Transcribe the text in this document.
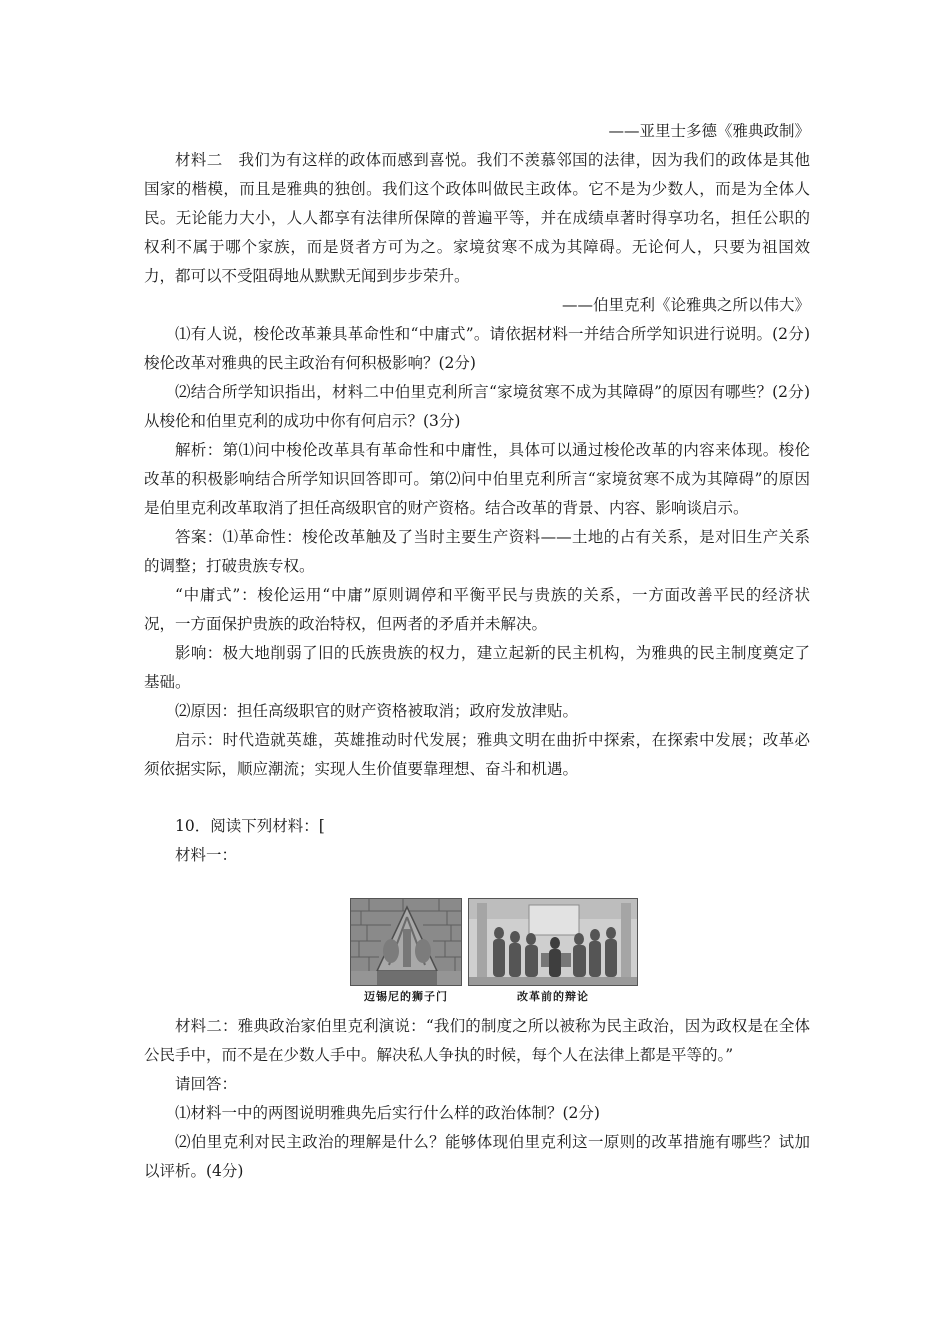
——亚里士多德《雅典政制》

材料二　我们为有这样的政体而感到喜悦。我们不羡慕邻国的法律，因为我们的政体是其他国家的楷模，而且是雅典的独创。我们这个政体叫做民主政体。它不是为少数人，而是为全体人民。无论能力大小，人人都享有法律所保障的普遍平等，并在成绩卓著时得享功名，担任公职的权利不属于哪个家族，而是贤者方可为之。家境贫寒不成为其障碍。无论何人，只要为祖国效力，都可以不受阻碍地从默默无闻到步步荣升。

——伯里克利《论雅典之所以伟大》

⑴有人说，梭伦改革兼具革命性和“中庸式”。请依据材料一并结合所学知识进行说明。(2分)梭伦改革对雅典的民主政治有何积极影响？(2分)

⑵结合所学知识指出，材料二中伯里克利所言“家境贫寒不成为其障碍”的原因有哪些？(2分)从梭伦和伯里克利的成功中你有何启示？(3分)

解析：第⑴问中梭伦改革具有革命性和中庸性，具体可以通过梭伦改革的内容来体现。梭伦改革的积极影响结合所学知识回答即可。第⑵问中伯里克利所言“家境贫寒不成为其障碍”的原因是伯里克利改革取消了担任高级职官的财产资格。结合改革的背景、内容、影响谈启示。

答案：⑴革命性：梭伦改革触及了当时主要生产资料——土地的占有关系，是对旧生产关系的调整；打破贵族专权。

“中庸式”：梭伦运用“中庸”原则调停和平衡平民与贵族的关系，一方面改善平民的经济状况，一方面保护贵族的政治特权，但两者的矛盾并未解决。

影响：极大地削弱了旧的氏族贵族的权力，建立起新的民主机构，为雅典的民主制度奠定了基础。

⑵原因：担任高级职官的财产资格被取消；政府发放津贴。

启示：时代造就英雄，英雄推动时代发展；雅典文明在曲折中探索，在探索中发展；改革必须依据实际，顺应潮流；实现人生价值要靠理想、奋斗和机遇。

10．阅读下列材料：[

材料一：

迈锡尼的狮子门	改革前的辩论

材料二：雅典政治家伯里克利演说：“我们的制度之所以被称为民主政治，因为政权是在全体公民手中，而不是在少数人手中。解决私人争执的时候，每个人在法律上都是平等的。”

请回答：

⑴材料一中的两图说明雅典先后实行什么样的政治体制？(2分)

⑵伯里克利对民主政治的理解是什么？能够体现伯里克利这一原则的改革措施有哪些？试加以评析。(4分)
